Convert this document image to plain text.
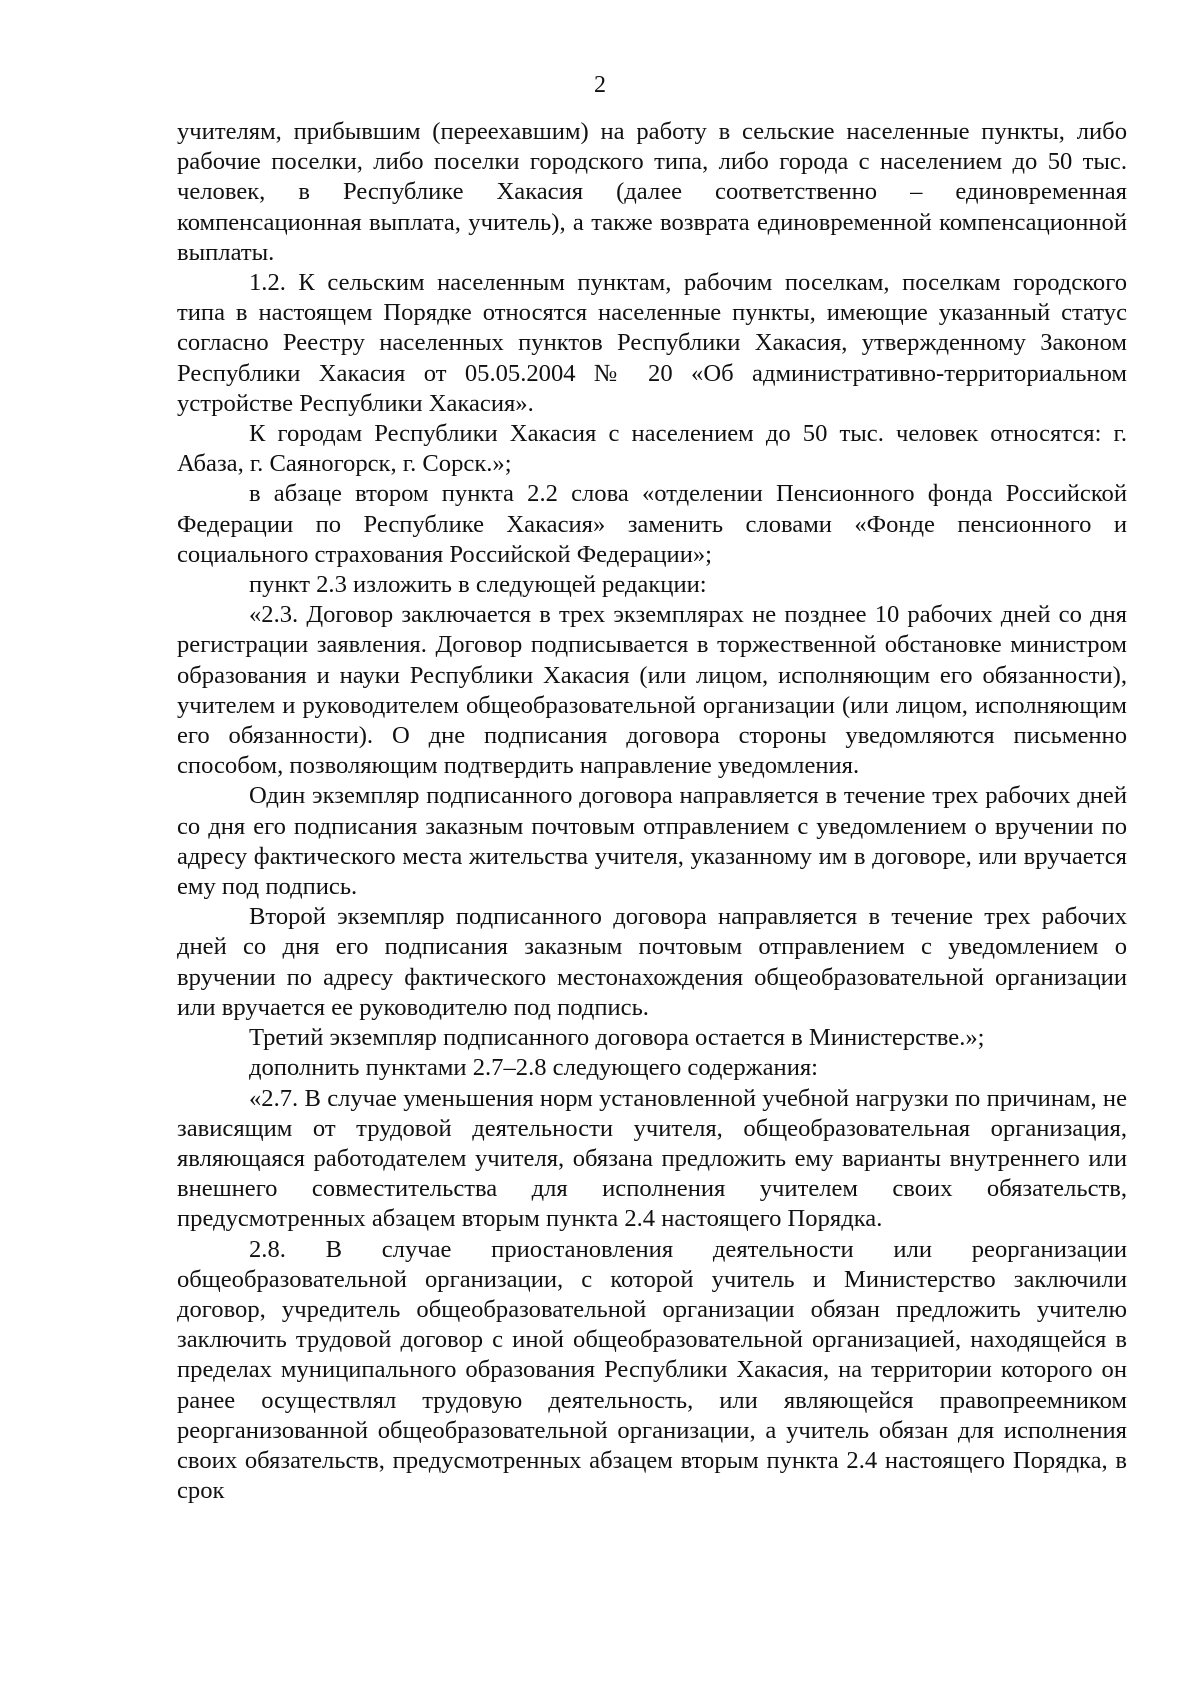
2

учителям, прибывшим (переехавшим) на работу в сельские населенные пункты, либо рабочие поселки, либо поселки городского типа, либо города с населением до 50 тыс. человек, в Республике Хакасия (далее соответственно – единовременная компенсационная выплата, учитель), а также возврата единовременной компенсационной выплаты.

1.2. К сельским населенным пунктам, рабочим поселкам, поселкам городского типа в настоящем Порядке относятся населенные пункты, имеющие указанный статус согласно Реестру населенных пунктов Республики Хакасия, утвержденному Законом Республики Хакасия от 05.05.2004 № 20 «Об административно-территориальном устройстве Республики Хакасия».

К городам Республики Хакасия с населением до 50 тыс. человек относятся: г. Абаза, г. Саяногорск, г. Сорск.»;

в абзаце втором пункта 2.2 слова «отделении Пенсионного фонда Российской Федерации по Республике Хакасия» заменить словами «Фонде пенсионного и социального страхования Российской Федерации»;

пункт 2.3 изложить в следующей редакции:

«2.3. Договор заключается в трех экземплярах не позднее 10 рабочих дней со дня регистрации заявления. Договор подписывается в торжественной обстановке министром образования и науки Республики Хакасия (или лицом, исполняющим его обязанности), учителем и руководителем общеобразовательной организации (или лицом, исполняющим его обязанности). О дне подписания договора стороны уведомляются письменно способом, позволяющим подтвердить направление уведомления.

Один экземпляр подписанного договора направляется в течение трех рабочих дней со дня его подписания заказным почтовым отправлением с уведомлением о вручении по адресу фактического места жительства учителя, указанному им в договоре, или вручается ему под подпись.

Второй экземпляр подписанного договора направляется в течение трех рабочих дней со дня его подписания заказным почтовым отправлением с уведомлением о вручении по адресу фактического местонахождения общеобразовательной организации или вручается ее руководителю под подпись.

Третий экземпляр подписанного договора остается в Министерстве.»;

дополнить пунктами 2.7–2.8 следующего содержания:

«2.7. В случае уменьшения норм установленной учебной нагрузки по причинам, не зависящим от трудовой деятельности учителя, общеобразовательная организация, являющаяся работодателем учителя, обязана предложить ему варианты внутреннего или внешнего совместительства для исполнения учителем своих обязательств, предусмотренных абзацем вторым пункта 2.4 настоящего Порядка.

2.8. В случае приостановления деятельности или реорганизации общеобразовательной организации, с которой учитель и Министерство заключили договор, учредитель общеобразовательной организации обязан предложить учителю заключить трудовой договор с иной общеобразовательной организацией, находящейся в пределах муниципального образования Республики Хакасия, на территории которого он ранее осуществлял трудовую деятельность, или являющейся правопреемником реорганизованной общеобразовательной организации, а учитель обязан для исполнения своих обязательств, предусмотренных абзацем вторым пункта 2.4 настоящего Порядка, в срок
